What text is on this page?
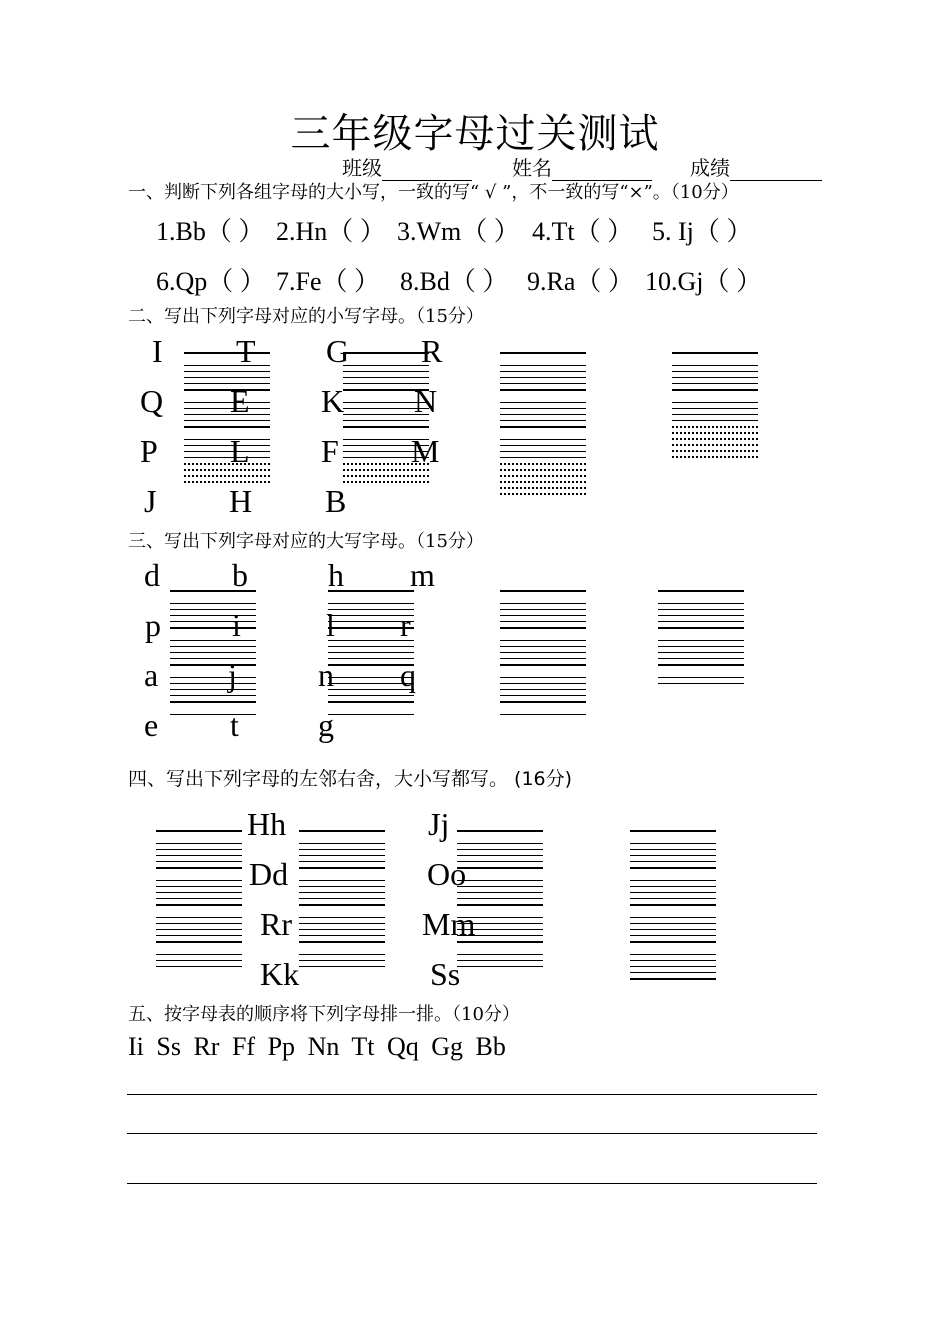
三年级字母过关测试
班级	姓名	成绩
一、判断下列各组字母的大小写，一致的写“ √ ”，不一致的写“×”。（10分）
1.Bb（ ） 2.Hn（ ） 3.Wm（ ） 4.Tt（ ） 5. Ij（ ）
6.Qp（ ） 7.Fe（ ） 8.Bd（ ） 9.Ra（ ） 10.Gj（ ）
二、写出下列字母对应的小写字母。（15分）
I
Q
P
J
T
E
L
H
G
K
F
B
R
N
M
三、写出下列字母对应的大写字母。（15分）
d
p
a
e
b
i
j
t
h
l
n
g
m
r
q
四、写出下列字母的左邻右舍，大小写都写。 (16分)
Hh
Dd
Rr
Kk
Jj
Oo
Mm
Ss
五、按字母表的顺序将下列字母排一排。（10分）
Ii Ss Rr Ff Pp Nn Tt Qq Gg Bb
